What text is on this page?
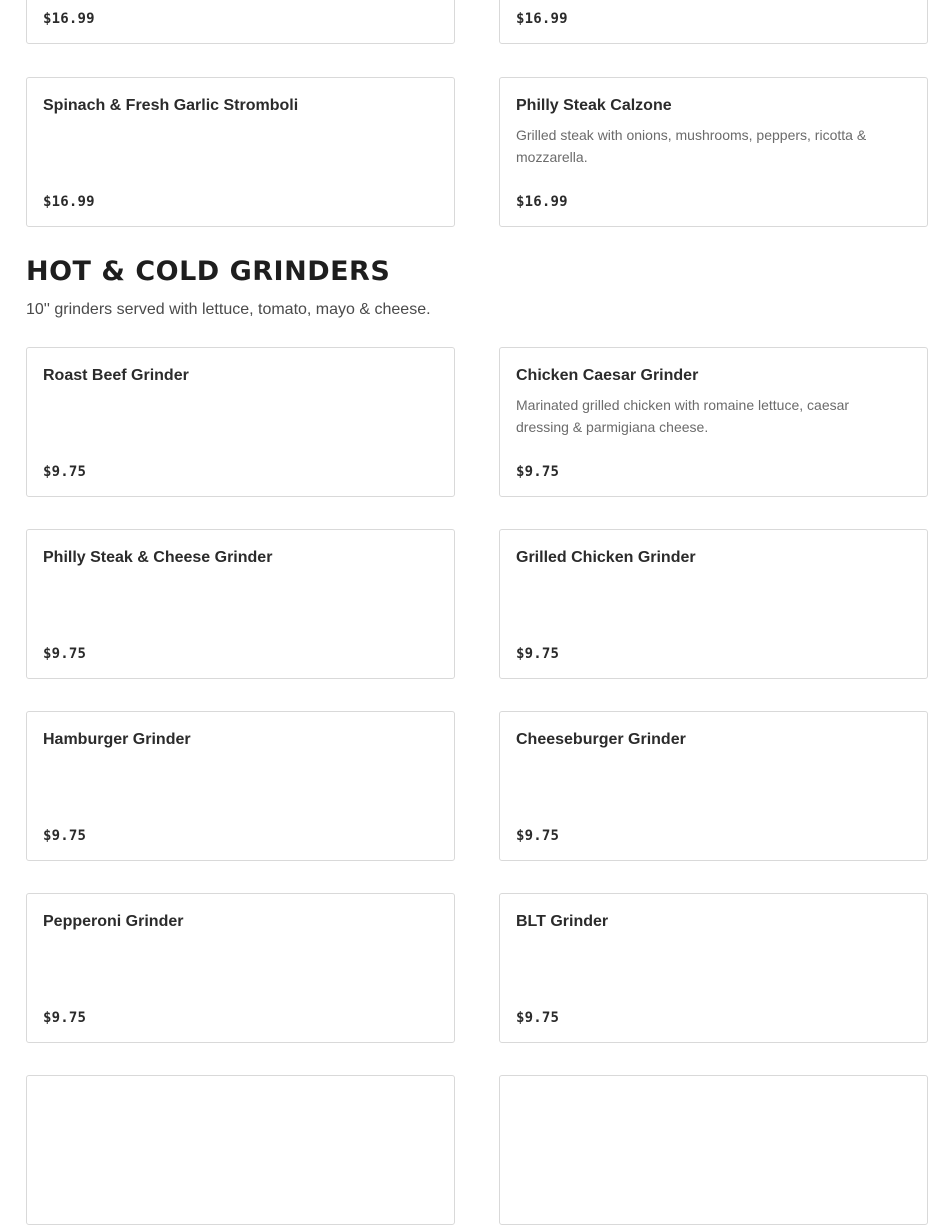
$16.99	$16.99
Spinach & Fresh Garlic Stromboli
$16.99
Philly Steak Calzone
Grilled steak with onions, mushrooms, peppers, ricotta & mozzarella.
$16.99
HOT & COLD GRINDERS

10'' grinders served with lettuce, tomato, mayo & cheese.

Roast Beef Grinder
$9.75
Chicken Caesar Grinder
Marinated grilled chicken with romaine lettuce, caesar dressing & parmigiana cheese.
$9.75
Philly Steak & Cheese Grinder
$9.75
Grilled Chicken Grinder
$9.75
Hamburger Grinder
$9.75
Cheeseburger Grinder
$9.75
Pepperoni Grinder
$9.75
BLT Grinder
$9.75
